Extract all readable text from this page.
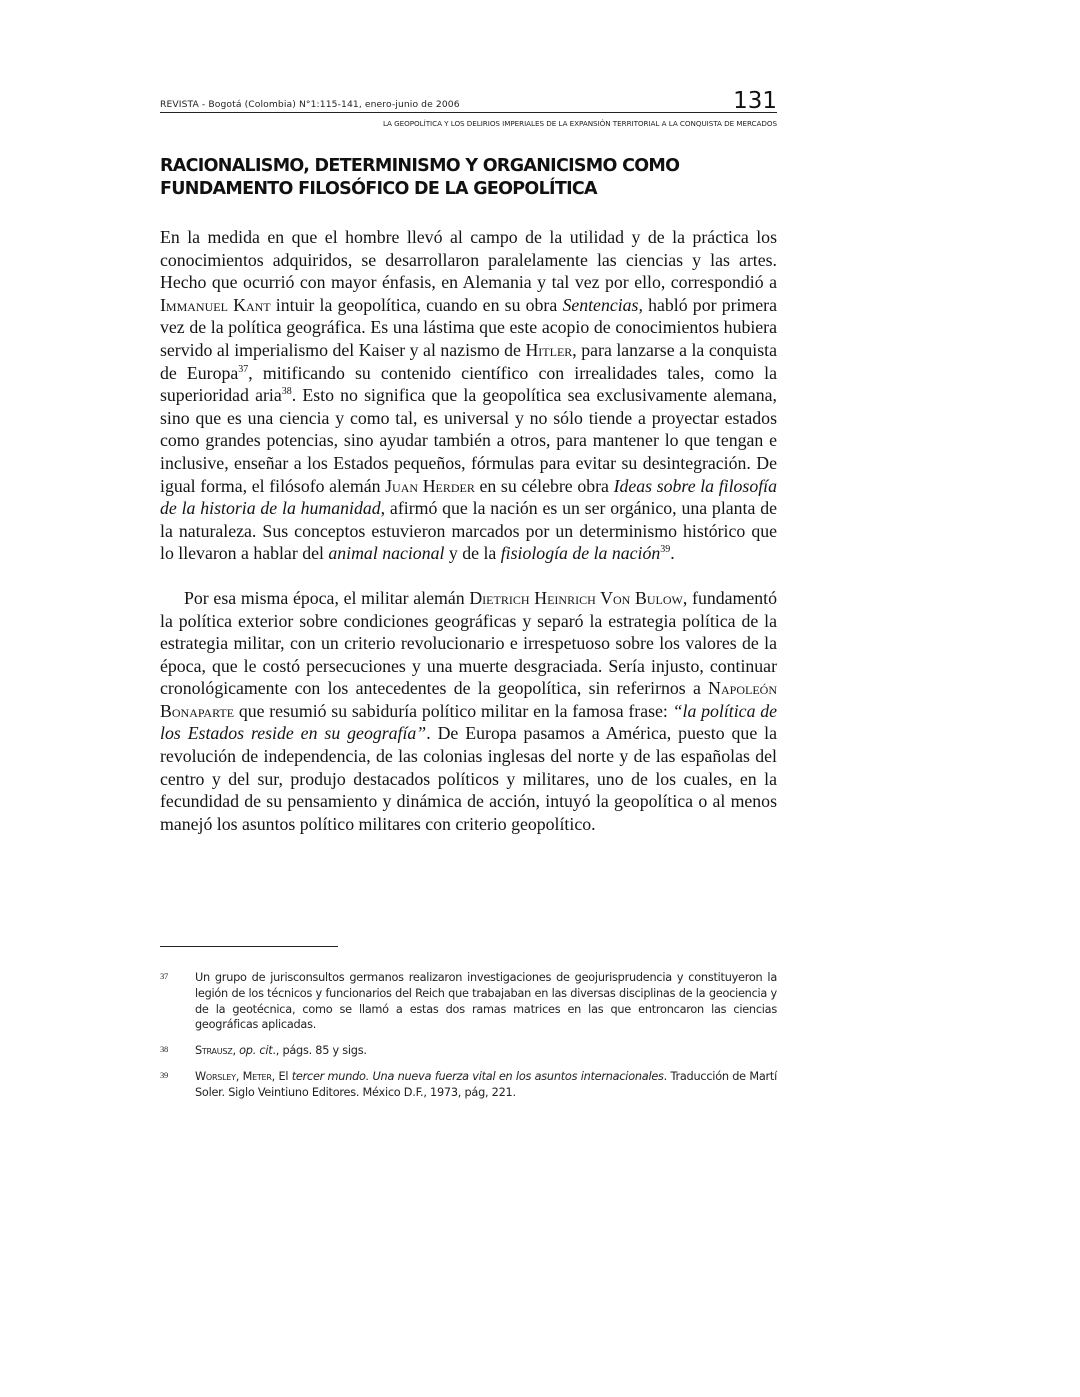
REVISTA - Bogotá (Colombia) N°1:115-141, enero-junio de 2006	131
LA GEOPOLÍTICA Y LOS DELIRIOS IMPERIALES DE LA EXPANSIÓN TERRITORIAL A LA CONQUISTA DE MERCADOS
RACIONALISMO, DETERMINISMO Y ORGANICISMO COMO
FUNDAMENTO FILOSÓFICO DE LA GEOPOLÍTICA

En la medida en que el hombre llevó al campo de la utilidad y de la práctica los conocimientos adquiridos, se desarrollaron paralelamente las ciencias y las artes. Hecho que ocurrió con mayor énfasis, en Alemania y tal vez por ello, correspondió a Immanuel Kant intuir la geopolítica, cuando en su obra Sentencias, habló por primera vez de la política geográfica. Es una lástima que este acopio de conocimientos hubiera servido al imperialismo del Kaiser y al nazismo de Hitler, para lanzarse a la conquista de Europa$^{37}$, mitificando su contenido científico con irrealidades tales, como la superioridad aria$^{38}$. Esto no significa que la geopolítica sea exclusivamente alemana, sino que es una ciencia y como tal, es universal y no sólo tiende a proyectar estados como grandes potencias, sino ayudar también a otros, para mantener lo que tengan e inclusive, enseñar a los Estados pequeños, fórmulas para evitar su desintegración. De igual forma, el filósofo alemán Juan Herder en su célebre obra Ideas sobre la filosofía de la historia de la humanidad, afirmó que la nación es un ser orgánico, una planta de la naturaleza. Sus conceptos estuvieron marcados por un determinismo histórico que lo llevaron a hablar del animal nacional y de la fisiología de la nación$^{39}$.

Por esa misma época, el militar alemán Dietrich Heinrich Von Bulow, fundamentó la política exterior sobre condiciones geográficas y separó la estrategia política de la estrategia militar, con un criterio revolucionario e irrespetuoso sobre los valores de la época, que le costó persecuciones y una muerte desgraciada. Sería injusto, continuar cronológicamente con los antecedentes de la geopolítica, sin referirnos a Napoleón Bonaparte que resumió su sabiduría político militar en la famosa frase: “la política de los Estados reside en su geografía”. De Europa pasamos a América, puesto que la revolución de independencia, de las colonias inglesas del norte y de las españolas del centro y del sur, produjo destacados políticos y militares, uno de los cuales, en la fecundidad de su pensamiento y dinámica de acción, intuyó la geopolítica o al menos manejó los asuntos político militares con criterio geopolítico.

37 Un grupo de jurisconsultos germanos realizaron investigaciones de geojurisprudencia y constituyeron la legión de los técnicos y funcionarios del Reich que trabajaban en las diversas disciplinas de la geociencia y de la geotécnica, como se llamó a estas dos ramas matrices en las que entroncaron las ciencias geográficas aplicadas.
38 Strausz, op. cit., págs. 85 y sigs.
39 Worsley, Meter, El tercer mundo. Una nueva fuerza vital en los asuntos internacionales. Traducción de Martí Soler. Siglo Veintiuno Editores. México D.F., 1973, pág, 221.
